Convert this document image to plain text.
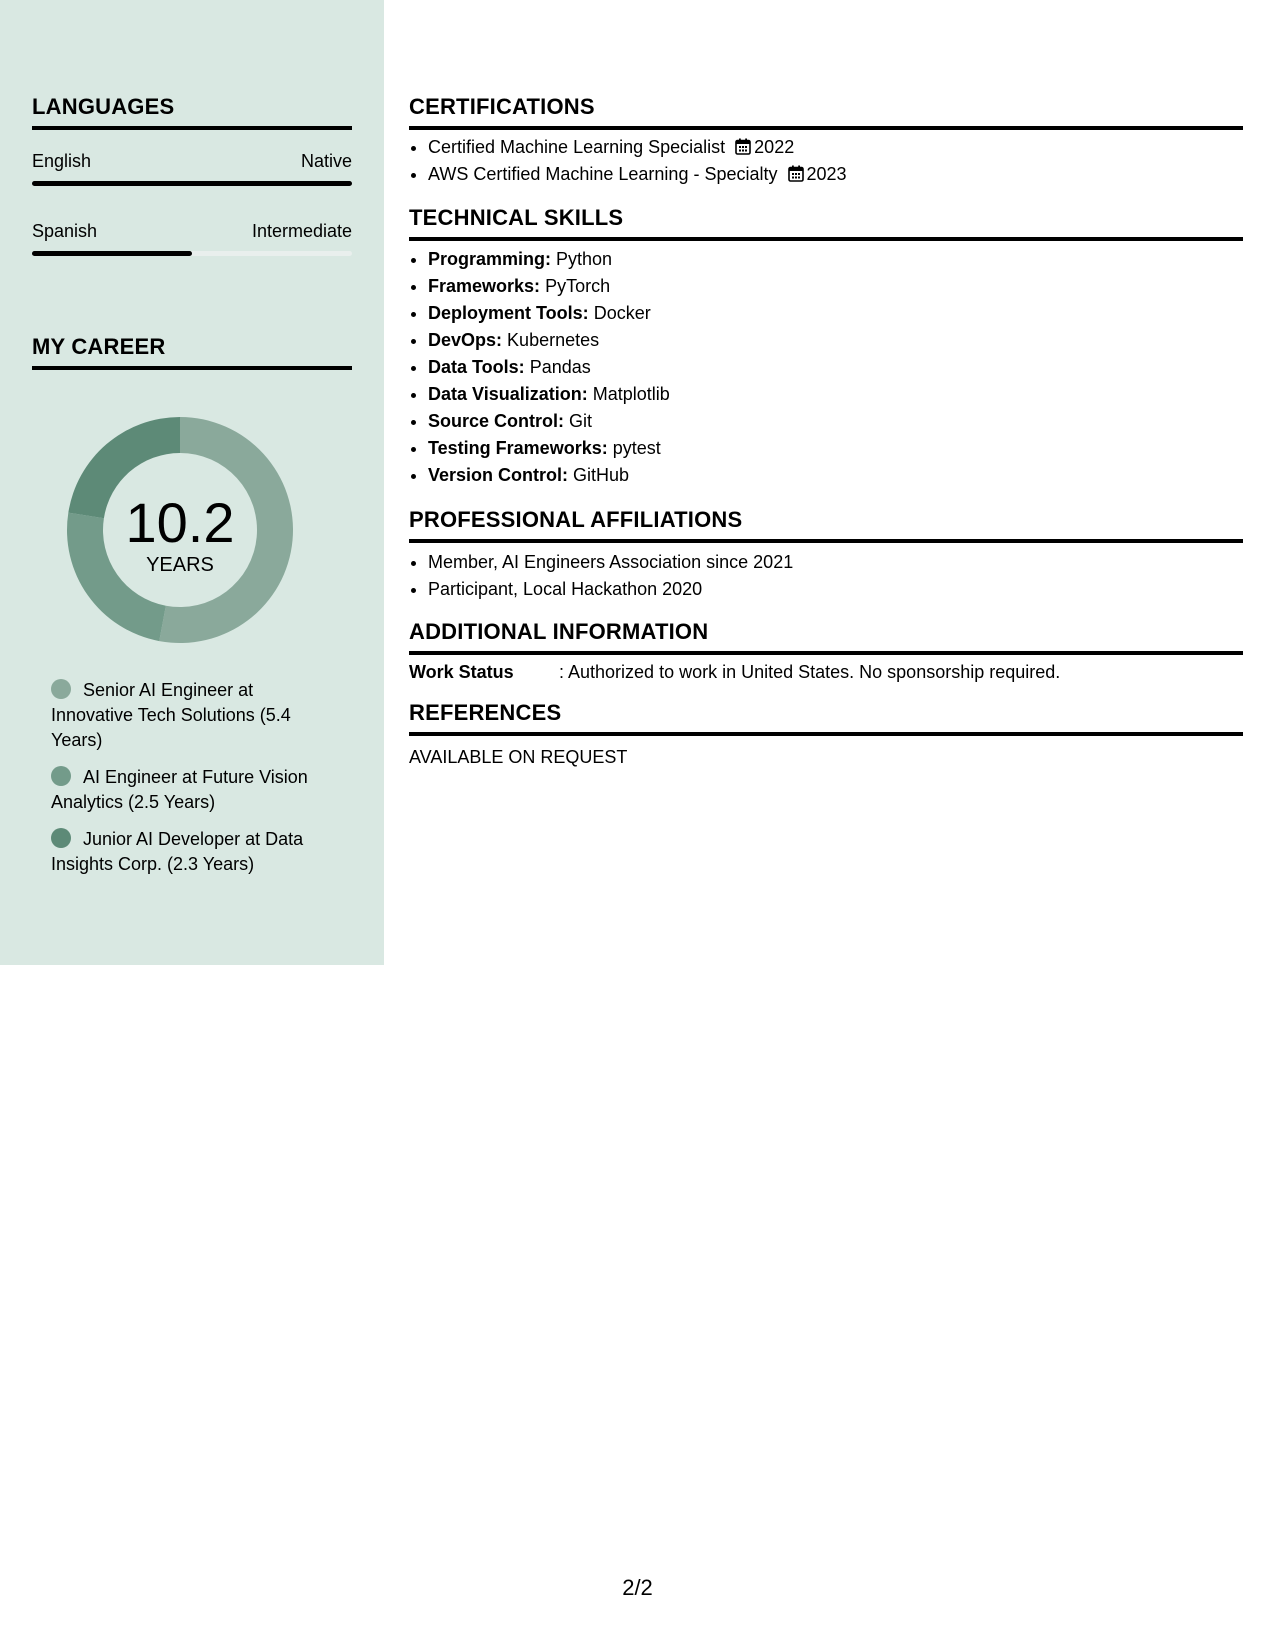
LANGUAGES
English	Native
Spanish	Intermediate
MY CAREER
10.2
YEARS
Senior AI Engineer at Innovative Tech Solutions (5.4 Years)
AI Engineer at Future Vision Analytics (2.5 Years)
Junior AI Developer at Data Insights Corp. (2.3 Years)
CERTIFICATIONS
• Certified Machine Learning Specialist 2022
• AWS Certified Machine Learning - Specialty 2023
TECHNICAL SKILLS
• Programming: Python
• Frameworks: PyTorch
• Deployment Tools: Docker
• DevOps: Kubernetes
• Data Tools: Pandas
• Data Visualization: Matplotlib
• Source Control: Git
• Testing Frameworks: pytest
• Version Control: GitHub
PROFESSIONAL AFFILIATIONS
• Member, AI Engineers Association since 2021
• Participant, Local Hackathon 2020
ADDITIONAL INFORMATION
Work Status	: Authorized to work in United States. No sponsorship required.
REFERENCES
AVAILABLE ON REQUEST
2/2
